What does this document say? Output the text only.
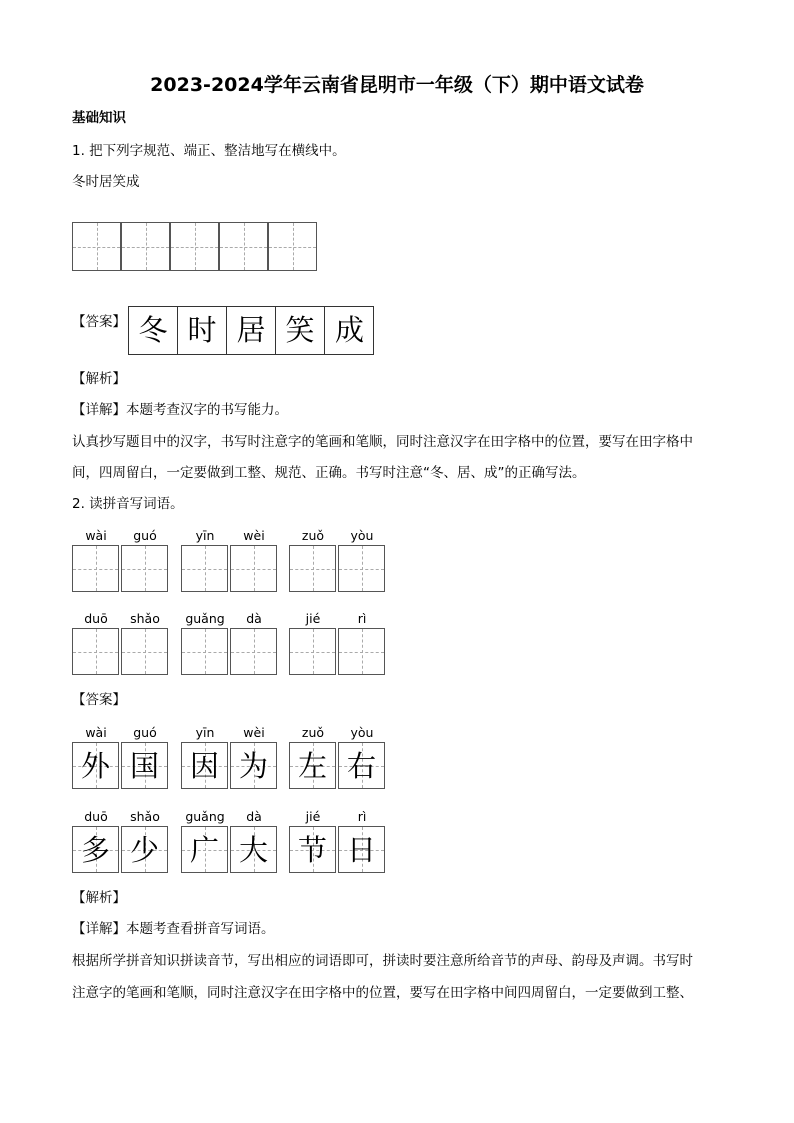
2023-2024学年云南省昆明市一年级（下）期中语文试卷
基础知识
1. 把下列字规范、端正、整洁地写在横线中。
冬时居笑成
【答案】 冬 时 居 笑 成
【解析】
【详解】本题考查汉字的书写能力。
认真抄写题目中的汉字，书写时注意字的笔画和笔顺，同时注意汉字在田字格中的位置，要写在田字格中
间，四周留白，一定要做到工整、规范、正确。书写时注意“冬、居、成”的正确写法。
2. 读拼音写词语。
wài	guó	yīn	wèi	zuǒ	yòu
duō	shǎo	guǎng	dà	jié	rì
【答案】
wài	guó	yīn	wèi	zuǒ	yòu
外 国 因 为 左 右
duō	shǎo	guǎng	dà	jié	rì
多 少 广 大 节 日
【解析】
【详解】本题考查看拼音写词语。
根据所学拼音知识拼读音节，写出相应的词语即可，拼读时要注意所给音节的声母、韵母及声调。书写时
注意字的笔画和笔顺，同时注意汉字在田字格中的位置，要写在田字格中间四周留白，一定要做到工整、
